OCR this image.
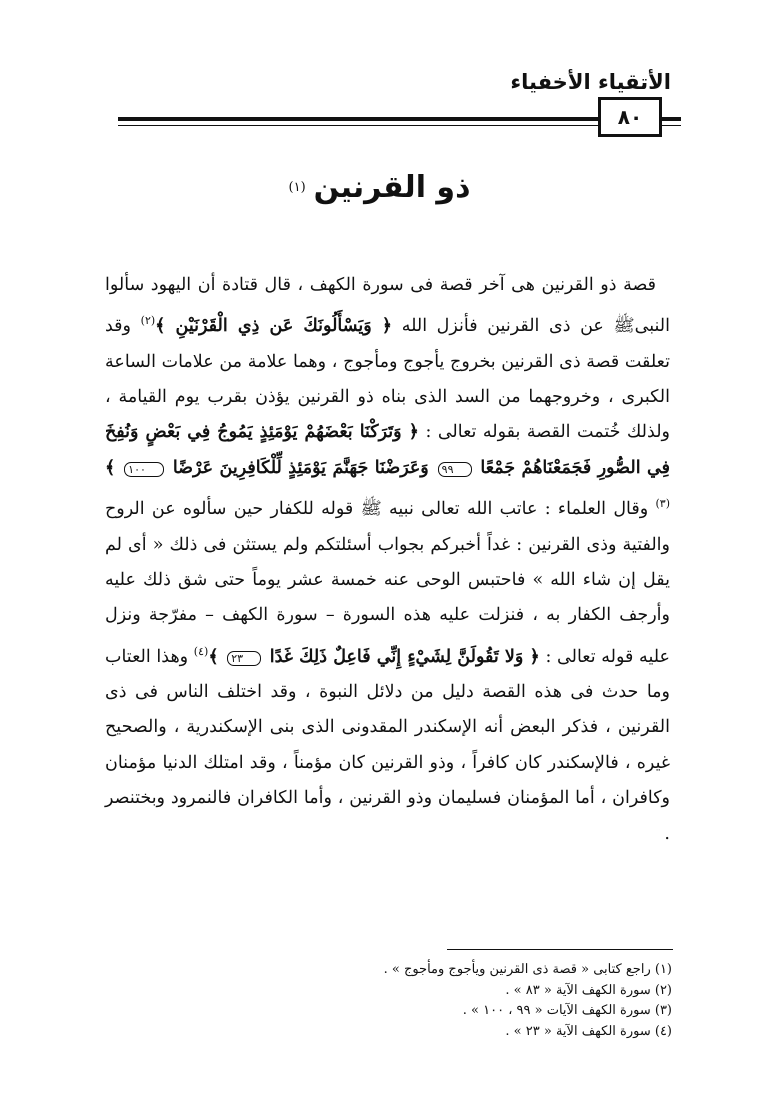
الأتقياء الأخفياء
٨٠
ذو القرنين$^{(١)}$

قصة ذو القرنين هى آخر قصة فى سورة الكهف ، قال قتادة أن اليهود سألوا النبىﷺ عن ذى القرنين فأنزل الله ﴿ وَيَسْأَلُونَكَ عَن ذِي الْقَرْنَيْنِ ﴾$^{(٢)}$ وقد تعلقت قصة ذى القرنين بخروج يأجوج ومأجوج ، وهما علامة من علامات الساعة الكبرى ، وخروجهما من السد الذى بناه ذو القرنين يؤذن بقرب يوم القيامة ، ولذلك خُتمت القصة بقوله تعالى : ﴿ وَتَرَكْنَا بَعْضَهُمْ يَوْمَئِذٍ يَمُوجُ فِي بَعْضٍ وَنُفِخَ فِي الصُّورِ فَجَمَعْنَاهُمْ جَمْعًا ٩٩ وَعَرَضْنَا جَهَنَّمَ يَوْمَئِذٍ لِّلْكَافِرِينَ عَرْضًا ١٠٠ ﴾$^{(٣)}$ وقال العلماء : عاتب الله تعالى نبيه ﷺ قوله للكفار حين سألوه عن الروح والفتية وذى القرنين : غداً أخبركم بجواب أسئلتكم ولم يستثن فى ذلك « أى لم يقل إن شاء الله » فاحتبس الوحى عنه خمسة عشر يوماً حتى شق ذلك عليه وأرجف الكفار به ، فنزلت عليه هذه السورة – سورة الكهف – مفرّجة ونزل عليه قوله تعالى : ﴿ وَلا تَقُولَنَّ لِشَيْءٍ إِنِّي فَاعِلٌ ذَلِكَ غَدًا ٢٣ ﴾$^{(٤)}$ وهذا العتاب وما حدث فى هذه القصة دليل من دلائل النبوة ، وقد اختلف الناس فى ذى القرنين ، فذكر البعض أنه الإسكندر المقدونى الذى بنى الإسكندرية ، والصحيح غيره ، فالإسكندر كان كافراً ، وذو القرنين كان مؤمناً ، وقد امتلك الدنيا مؤمنان وكافران ، أما المؤمنان فسليمان وذو القرنين ، وأما الكافران فالنمرود وبختنصر .

(١) راجع كتابى « قصة ذى القرنين ويأجوج ومأجوج » .
(٢) سورة الكهف الآية « ٨٣ » .
(٣) سورة الكهف الآيات « ٩٩ ، ١٠٠ » .
(٤) سورة الكهف الآية « ٢٣ » .
